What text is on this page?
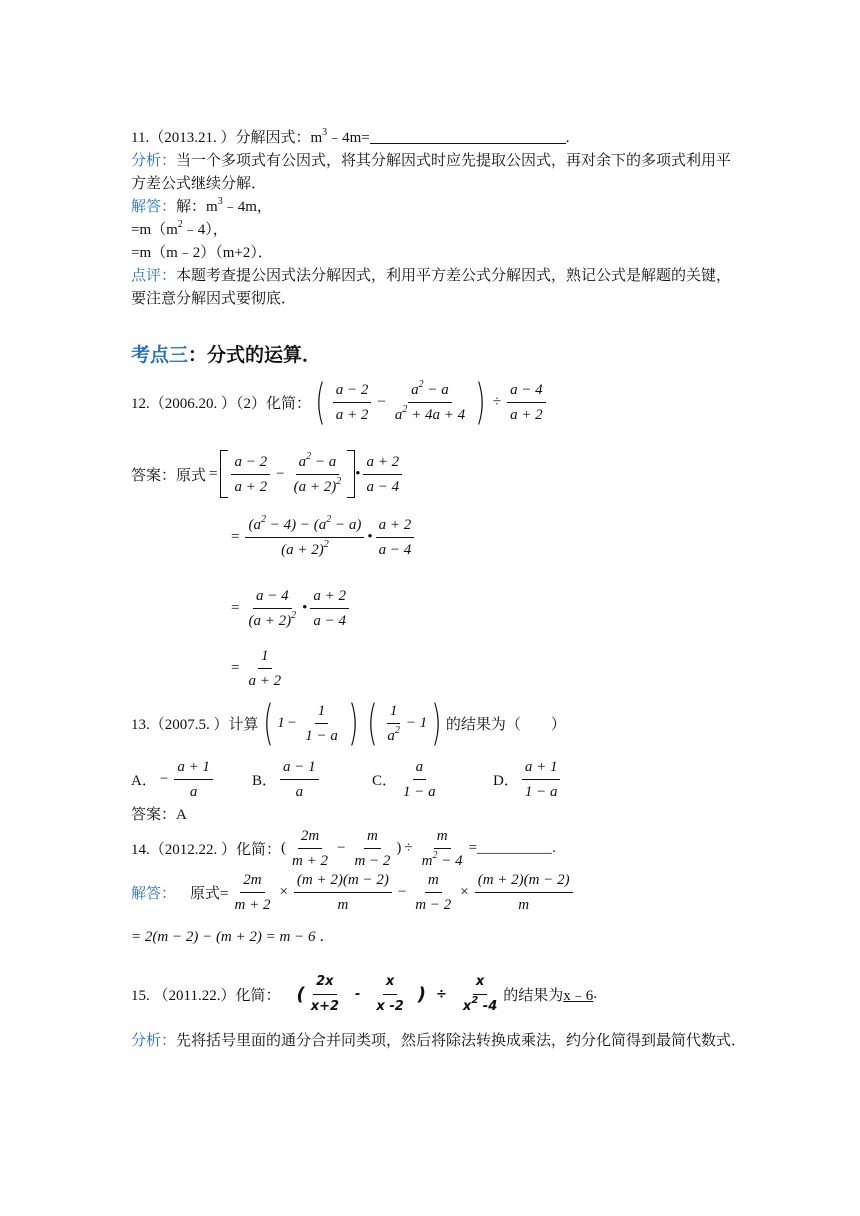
11.（2013.21. ）分解因式：$m^3﹣4m=$	.
分析：当一个多项式有公因式，将其分解因式时应先提取公因式，再对余下的多项式利用平
方差公式继续分解．
解答：解：$m^3﹣4m$，
$=m(m^2﹣4)$，
=m（m﹣2）（m+2）．
点评：本题考查提公因式法分解因式，利用平方差公式分解因式，熟记公式是解题的关键，
要注意分解因式要彻底．
考点三：分式的运算．
12.（2006.20. ）（2）化简： ( $\frac{a - 2}{a + 2} - \frac{a^2 - a}{a^2 + 4a + 4}$ ) ÷ $\frac{a - 4}{a + 2}$
答案：原式 = $\frac{a - 2}{a + 2} - \frac{a^2 - a}{(a + 2)^2}$ • $\frac{a + 2}{a - 4}$
= $\frac{(a^2 - 4) - (a^2 - a)}{(a + 2)^2}$ • $\frac{a + 2}{a - 4}$
= $\frac{a - 4}{(a + 2)^2}$ • $\frac{a + 2}{a - 4}$
= $\frac{1}{a + 2}$
13.（2007.5. ）计算 ( $1 - \frac{1}{1 - a}$ ) ( $\frac{1}{a^2} - 1$ ) 的结果为（　　）
A． − $\frac{a + 1}{a}$	B． $\frac{a - 1}{a}$	C． $\frac{a}{1 - a}$	D． $\frac{a + 1}{1 - a}$
答案：A
14.（2012.22. ）化简： ( $\frac{2m}{m + 2} - \frac{m}{m - 2}$ ) ÷ $\frac{m}{m^2 - 4}$ =__________.
解答： 原式= $\frac{2m}{m + 2} \times \frac{(m + 2)(m - 2)}{m} - \frac{m}{m - 2} \times \frac{(m + 2)(m - 2)}{m}$
= 2(m − 2) − (m + 2) = m − 6 ．
15. （2011.22.）化简： ( $\frac{2x}{x+2} - \frac{x}{x -2}$ ) ÷ $\frac{x}{x^2 -4}$ 的结果为 x﹣6 .
分析：先将括号里面的通分合并同类项，然后将除法转换成乘法，约分化简得到最简代数式．
